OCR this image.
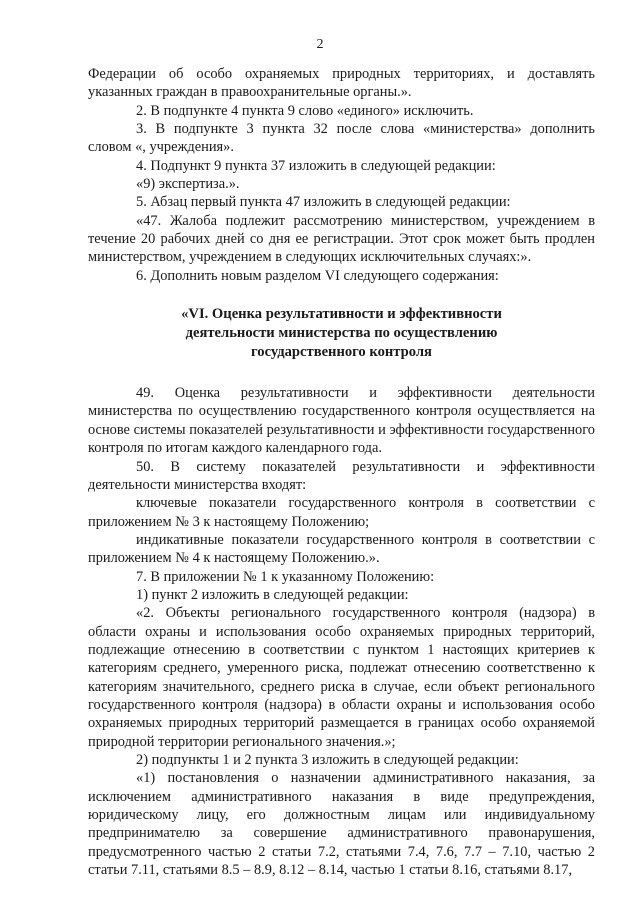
2

Федерации об особо охраняемых природных территориях, и доставлять указанных граждан в правоохранительные органы.».

2. В подпункте 4 пункта 9 слово «единого» исключить.

3. В подпункте 3 пункта 32 после слова «министерства» дополнить словом «, учреждения».

4. Подпункт 9 пункта 37 изложить в следующей редакции:

«9) экспертиза.».

5. Абзац первый пункта 47 изложить в следующей редакции:

«47. Жалоба подлежит рассмотрению министерством, учреждением в течение 20 рабочих дней со дня ее регистрации. Этот срок может быть продлен министерством, учреждением в следующих исключительных случаях:».

6. Дополнить новым разделом VI следующего содержания:

«VI. Оценка результативности и эффективности
деятельности министерства по осуществлению
государственного контроля

49. Оценка результативности и эффективности деятельности министерства по осуществлению государственного контроля осуществляется на основе системы показателей результативности и эффективности государственного контроля по итогам каждого календарного года.

50. В систему показателей результативности и эффективности деятельности министерства входят:

ключевые показатели государственного контроля в соответствии с приложением № 3 к настоящему Положению;

индикативные показатели государственного контроля в соответствии с приложением № 4 к настоящему Положению.».

7. В приложении № 1 к указанному Положению:

1) пункт 2 изложить в следующей редакции:

«2. Объекты регионального государственного контроля (надзора) в области охраны и использования особо охраняемых природных территорий, подлежащие отнесению в соответствии с пунктом 1 настоящих критериев к категориям среднего, умеренного риска, подлежат отнесению соответственно к категориям значительного, среднего риска в случае, если объект регионального государственного контроля (надзора) в области охраны и использования особо охраняемых природных территорий размещается в границах особо охраняемой природной территории регионального значения.»;

2) подпункты 1 и 2 пункта 3 изложить в следующей редакции:

«1) постановления о назначении административного наказания, за исключением административного наказания в виде предупреждения, юридическому лицу, его должностным лицам или индивидуальному предпринимателю за совершение административного правонарушения, предусмотренного частью 2 статьи 7.2, статьями 7.4, 7.6, 7.7 – 7.10, частью 2 статьи 7.11, статьями 8.5 – 8.9, 8.12 – 8.14, частью 1 статьи 8.16, статьями 8.17,
